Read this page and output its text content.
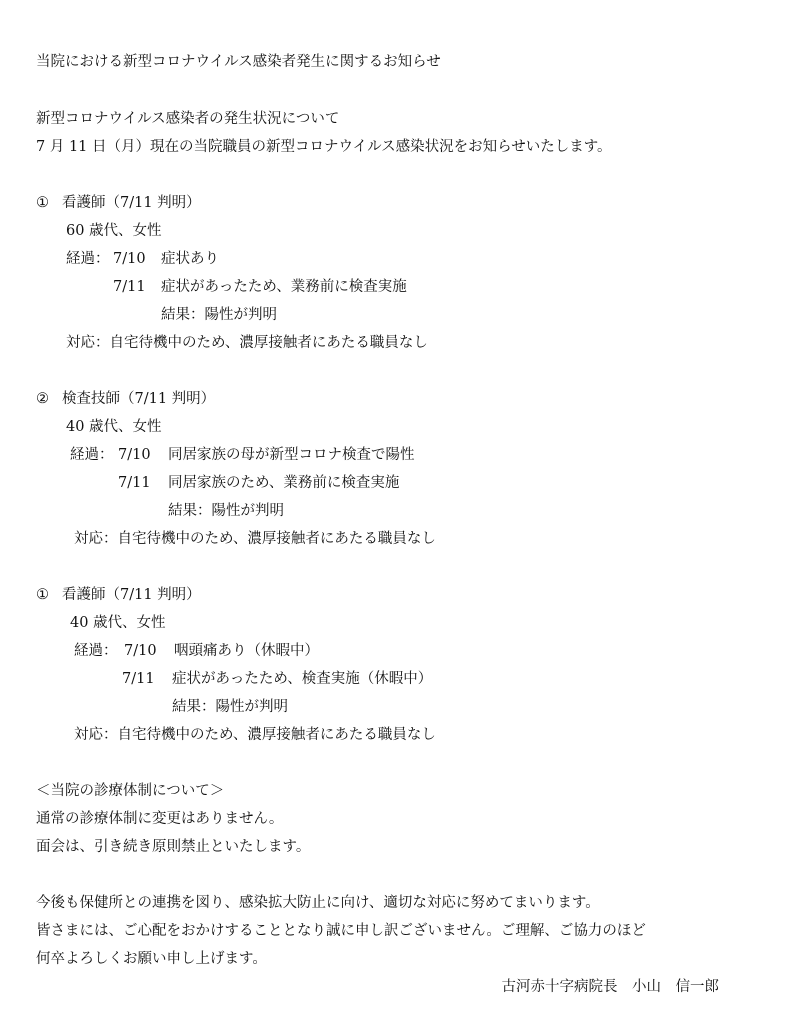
当院における新型コロナウイルス感染者発生に関するお知らせ
新型コロナウイルス感染者の発生状況について
7 月 11 日（月）現在の当院職員の新型コロナウイルス感染状況をお知らせいたします。
① 看護師（7/11 判明）
60 歳代、女性
経過： 7/10 症状あり
7/11 症状があったため、業務前に検査実施
結果：陽性が判明
対応：自宅待機中のため、濃厚接触者にあたる職員なし
② 検査技師（7/11 判明）
40 歳代、女性
経過： 7/10 同居家族の母が新型コロナ検査で陽性
7/11 同居家族のため、業務前に検査実施
結果：陽性が判明
対応：自宅待機中のため、濃厚接触者にあたる職員なし
① 看護師（7/11 判明）
40 歳代、女性
経過： 7/10 咽頭痛あり（休暇中）
7/11 症状があったため、検査実施（休暇中）
結果：陽性が判明
対応：自宅待機中のため、濃厚接触者にあたる職員なし
＜当院の診療体制について＞
通常の診療体制に変更はありません。
面会は、引き続き原則禁止といたします。
今後も保健所との連携を図り、感染拡大防止に向け、適切な対応に努めてまいります。
皆さまには、ご心配をおかけすることとなり誠に申し訳ございません。ご理解、ご協力のほど
何卒よろしくお願い申し上げます。
古河赤十字病院長　小山　信一郎
